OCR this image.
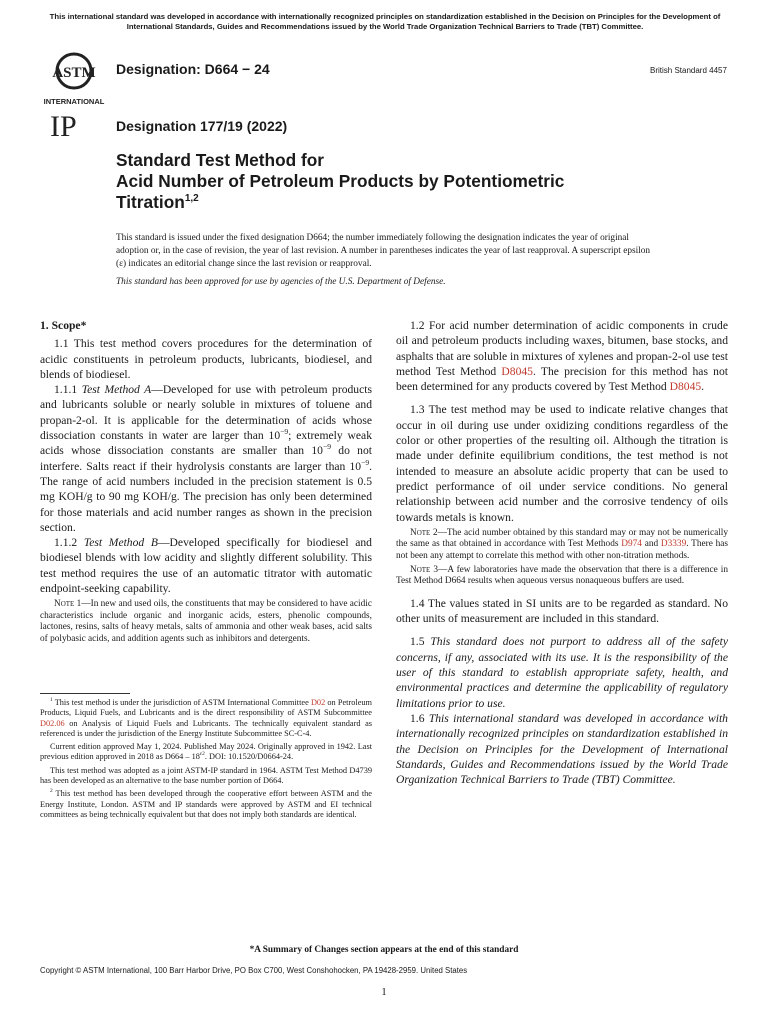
This international standard was developed in accordance with internationally recognized principles on standardization established in the Decision on Principles for the Development of International Standards, Guides and Recommendations issued by the World Trade Organization Technical Barriers to Trade (TBT) Committee.
ASTM
INTERNATIONAL
IP
Designation: D664 − 24	British Standard 4457
Designation 177/19 (2022)
Standard Test Method for
Acid Number of Petroleum Products by Potentiometric
Titration$^{1,2}$

This standard is issued under the fixed designation D664; the number immediately following the designation indicates the year of original adoption or, in the case of revision, the year of last revision. A number in parentheses indicates the year of last reapproval. A superscript epsilon (ε) indicates an editorial change since the last revision or reapproval.

This standard has been approved for use by agencies of the U.S. Department of Defense.

1. Scope*

1.1 This test method covers procedures for the determination of acidic constituents in petroleum products, lubricants, biodiesel, and blends of biodiesel.

1.1.1 Test Method A—Developed for use with petroleum products and lubricants soluble or nearly soluble in mixtures of toluene and propan-2-ol. It is applicable for the determination of acids whose dissociation constants in water are larger than $10^{-9}$; extremely weak acids whose dissociation constants are smaller than $10^{-9}$ do not interfere. Salts react if their hydrolysis constants are larger than $10^{-9}$. The range of acid numbers included in the precision statement is 0.5 mg KOH/g to 90 mg KOH/g. The precision has only been determined for those materials and acid number ranges as shown in the precision section.

1.1.2 Test Method B—Developed specifically for biodiesel and biodiesel blends with low acidity and slightly different solubility. This test method requires the use of an automatic titrator with automatic endpoint-seeking capability.

Note 1—In new and used oils, the constituents that may be considered to have acidic characteristics include organic and inorganic acids, esters, phenolic compounds, lactones, resins, salts of heavy metals, salts of ammonia and other weak bases, acid salts of polybasic acids, and addition agents such as inhibitors and detergents.

$^1$ This test method is under the jurisdiction of ASTM International Committee D02 on Petroleum Products, Liquid Fuels, and Lubricants and is the direct responsibility of ASTM Subcommittee D02.06 on Analysis of Liquid Fuels and Lubricants. The technically equivalent standard as referenced is under the jurisdiction of the Energy Institute Subcommittee SC-C-4.

Current edition approved May 1, 2024. Published May 2024. Originally approved in 1942. Last previous edition approved in 2018 as $D664 - 18^{\varepsilon 2}$. DOI: 10.1520/D0664-24.

This test method was adopted as a joint ASTM-IP standard in 1964. ASTM Test Method D4739 has been developed as an alternative to the base number portion of D664.

$^2$ This test method has been developed through the cooperative effort between ASTM and the Energy Institute, London. ASTM and IP standards were approved by ASTM and EI technical committees as being technically equivalent but that does not imply both standards are identical.

1.2 For acid number determination of acidic components in crude oil and petroleum products including waxes, bitumen, base stocks, and asphalts that are soluble in mixtures of xylenes and propan-2-ol use test method Test Method D8045. The precision for this method has not been determined for any products covered by Test Method D8045.

1.3 The test method may be used to indicate relative changes that occur in oil during use under oxidizing conditions regardless of the color or other properties of the resulting oil. Although the titration is made under definite equilibrium conditions, the test method is not intended to measure an absolute acidic property that can be used to predict performance of oil under service conditions. No general relationship between acid number and the corrosive tendency of oils towards metals is known.

Note 2—The acid number obtained by this standard may or may not be numerically the same as that obtained in accordance with Test Methods D974 and D3339. There has not been any attempt to correlate this method with other non-titration methods.

Note 3—A few laboratories have made the observation that there is a difference in Test Method D664 results when aqueous versus nonaqueous buffers are used.

1.4 The values stated in SI units are to be regarded as standard. No other units of measurement are included in this standard.

1.5 This standard does not purport to address all of the safety concerns, if any, associated with its use. It is the responsibility of the user of this standard to establish appropriate safety, health, and environmental practices and determine the applicability of regulatory limitations prior to use.

1.6 This international standard was developed in accordance with internationally recognized principles on standardization established in the Decision on Principles for the Development of International Standards, Guides and Recommendations issued by the World Trade Organization Technical Barriers to Trade (TBT) Committee.

*A Summary of Changes section appears at the end of this standard
Copyright © ASTM International, 100 Barr Harbor Drive, PO Box C700, West Conshohocken, PA 19428-2959. United States
1
